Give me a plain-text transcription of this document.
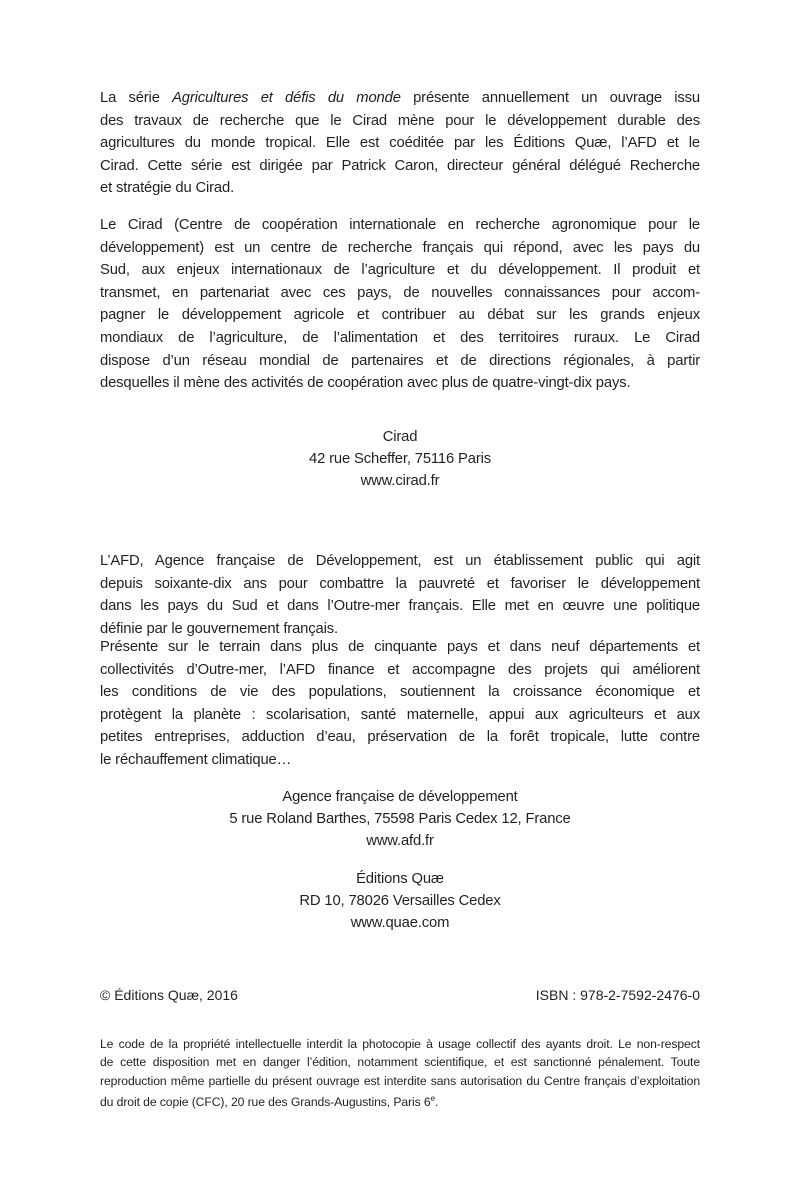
La série Agricultures et défis du monde présente annuellement un ouvrage issu
des travaux de recherche que le Cirad mène pour le développement durable des
agricultures du monde tropical. Elle est coéditée par les Éditions Quæ, l’AFD et le
Cirad. Cette série est dirigée par Patrick Caron, directeur général délégué Recherche
et stratégie du Cirad.
Le Cirad (Centre de coopération internationale en recherche agronomique pour le
développement) est un centre de recherche français qui répond, avec les pays du
Sud, aux enjeux internationaux de l’agriculture et du développement. Il produit et
transmet, en partenariat avec ces pays, de nouvelles connaissances pour accom-
pagner le développement agricole et contribuer au débat sur les grands enjeux
mondiaux de l’agriculture, de l’alimentation et des territoires ruraux. Le Cirad
dispose d’un réseau mondial de partenaires et de directions régionales, à partir
desquelles il mène des activités de coopération avec plus de quatre-vingt-dix pays.
Cirad
42 rue Scheffer, 75116 Paris
www.cirad.fr
L’AFD, Agence française de Développement, est un établissement public qui agit
depuis soixante-dix ans pour combattre la pauvreté et favoriser le développement
dans les pays du Sud et dans l’Outre-mer français. Elle met en œuvre une politique
définie par le gouvernement français.
Présente sur le terrain dans plus de cinquante pays et dans neuf départements et
collectivités d’Outre-mer, l’AFD finance et accompagne des projets qui améliorent
les conditions de vie des populations, soutiennent la croissance économique et
protègent la planète : scolarisation, santé maternelle, appui aux agriculteurs et aux
petites entreprises, adduction d’eau, préservation de la forêt tropicale, lutte contre
le réchauffement climatique…
Agence française de développement
5 rue Roland Barthes, 75598 Paris Cedex 12, France
www.afd.fr
Éditions Quæ
RD 10, 78026 Versailles Cedex
www.quae.com
© Éditions Quæ, 2016	ISBN : 978-2-7592-2476-0
Le code de la propriété intellectuelle interdit la photocopie à usage collectif des ayants droit. Le non-respect
de cette disposition met en danger l’édition, notamment scientifique, et est sanctionné pénalement. Toute
reproduction même partielle du présent ouvrage est interdite sans autorisation du Centre français d’exploitation
du droit de copie (CFC), 20 rue des Grands-Augustins, Paris 6e.
